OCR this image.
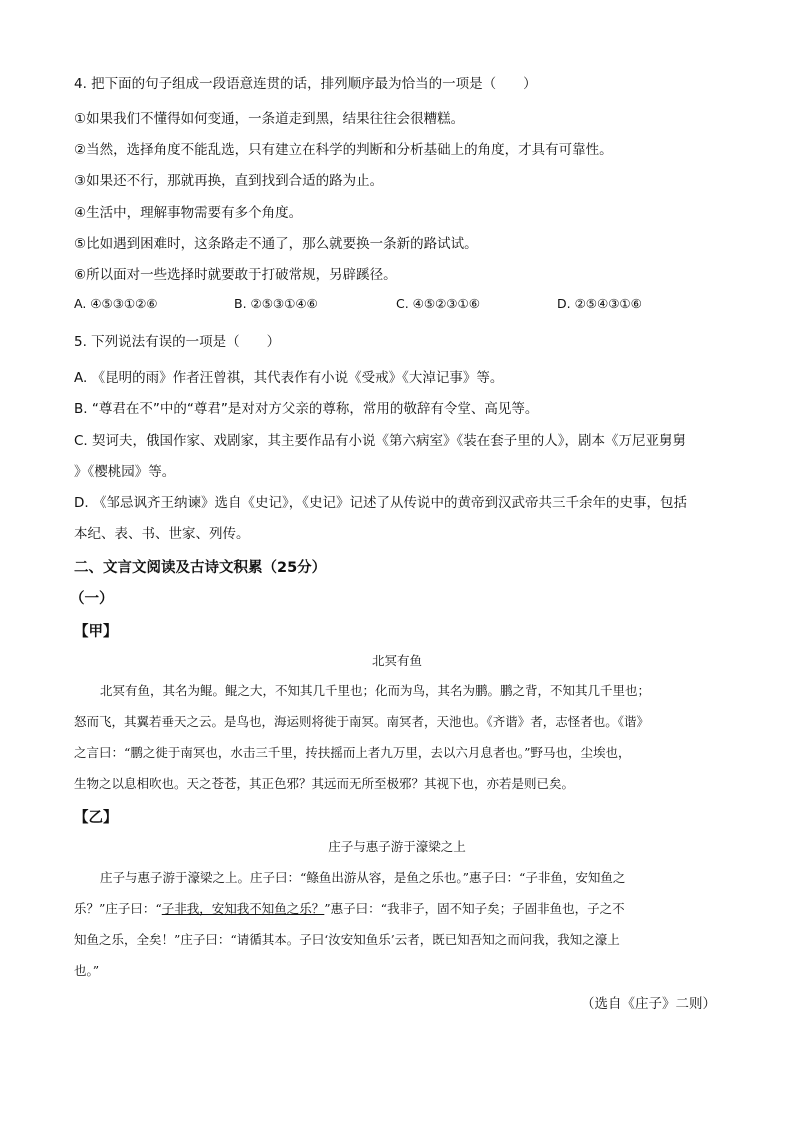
4. 把下面的句子组成一段语意连贯的话，排列顺序最为恰当的一项是（　　）
①如果我们不懂得如何变通，一条道走到黑，结果往往会很糟糕。
②当然，选择角度不能乱选，只有建立在科学的判断和分析基础上的角度，才具有可靠性。
③如果还不行，那就再换，直到找到合适的路为止。
④生活中，理解事物需要有多个角度。
⑤比如遇到困难时，这条路走不通了，那么就要换一条新的路试试。
⑥所以面对一些选择时就要敢于打破常规，另辟蹊径。
A. ④⑤③①②⑥	B. ②⑤③①④⑥	C. ④⑤②③①⑥	D. ②⑤④③①⑥
5. 下列说法有误的一项是（　　）
A. 《昆明的雨》作者汪曾祺，其代表作有小说《受戒》《大淖记事》等。
B. “尊君在不”中的“尊君”是对对方父亲的尊称，常用的敬辞有令堂、高见等。
C. 契诃夫，俄国作家、戏剧家，其主要作品有小说《第六病室》《装在套子里的人》，剧本《万尼亚舅舅
》《樱桃园》等。
D. 《邹忌讽齐王纳谏》选自《史记》，《史记》记述了从传说中的黄帝到汉武帝共三千余年的史事，包括
本纪、表、书、世家、列传。
二、文言文阅读及古诗文积累（25分）
（一）
【甲】
北冥有鱼
北冥有鱼，其名为鲲。鲲之大，不知其几千里也；化而为鸟，其名为鹏。鹏之背，不知其几千里也；
怒而飞，其翼若垂天之云。是鸟也，海运则将徙于南冥。南冥者，天池也。《齐谐》者，志怪者也。《谐》
之言曰：“鹏之徙于南冥也，水击三千里，抟扶摇而上者九万里，去以六月息者也。”野马也，尘埃也，
生物之以息相吹也。天之苍苍，其正色邪？其远而无所至极邪？其视下也，亦若是则已矣。
【乙】
庄子与惠子游于濠梁之上
庄子与惠子游于濠梁之上。庄子曰：“鲦鱼出游从容，是鱼之乐也。”惠子曰：“子非鱼，安知鱼之
乐？”庄子曰：“子非我，安知我不知鱼之乐？”惠子曰：“我非子，固不知子矣；子固非鱼也，子之不
知鱼之乐，全矣！”庄子曰：“请循其本。子曰‘汝安知鱼乐’云者，既已知吾知之而问我，我知之濠上
也。”
（选自《庄子》二则）
